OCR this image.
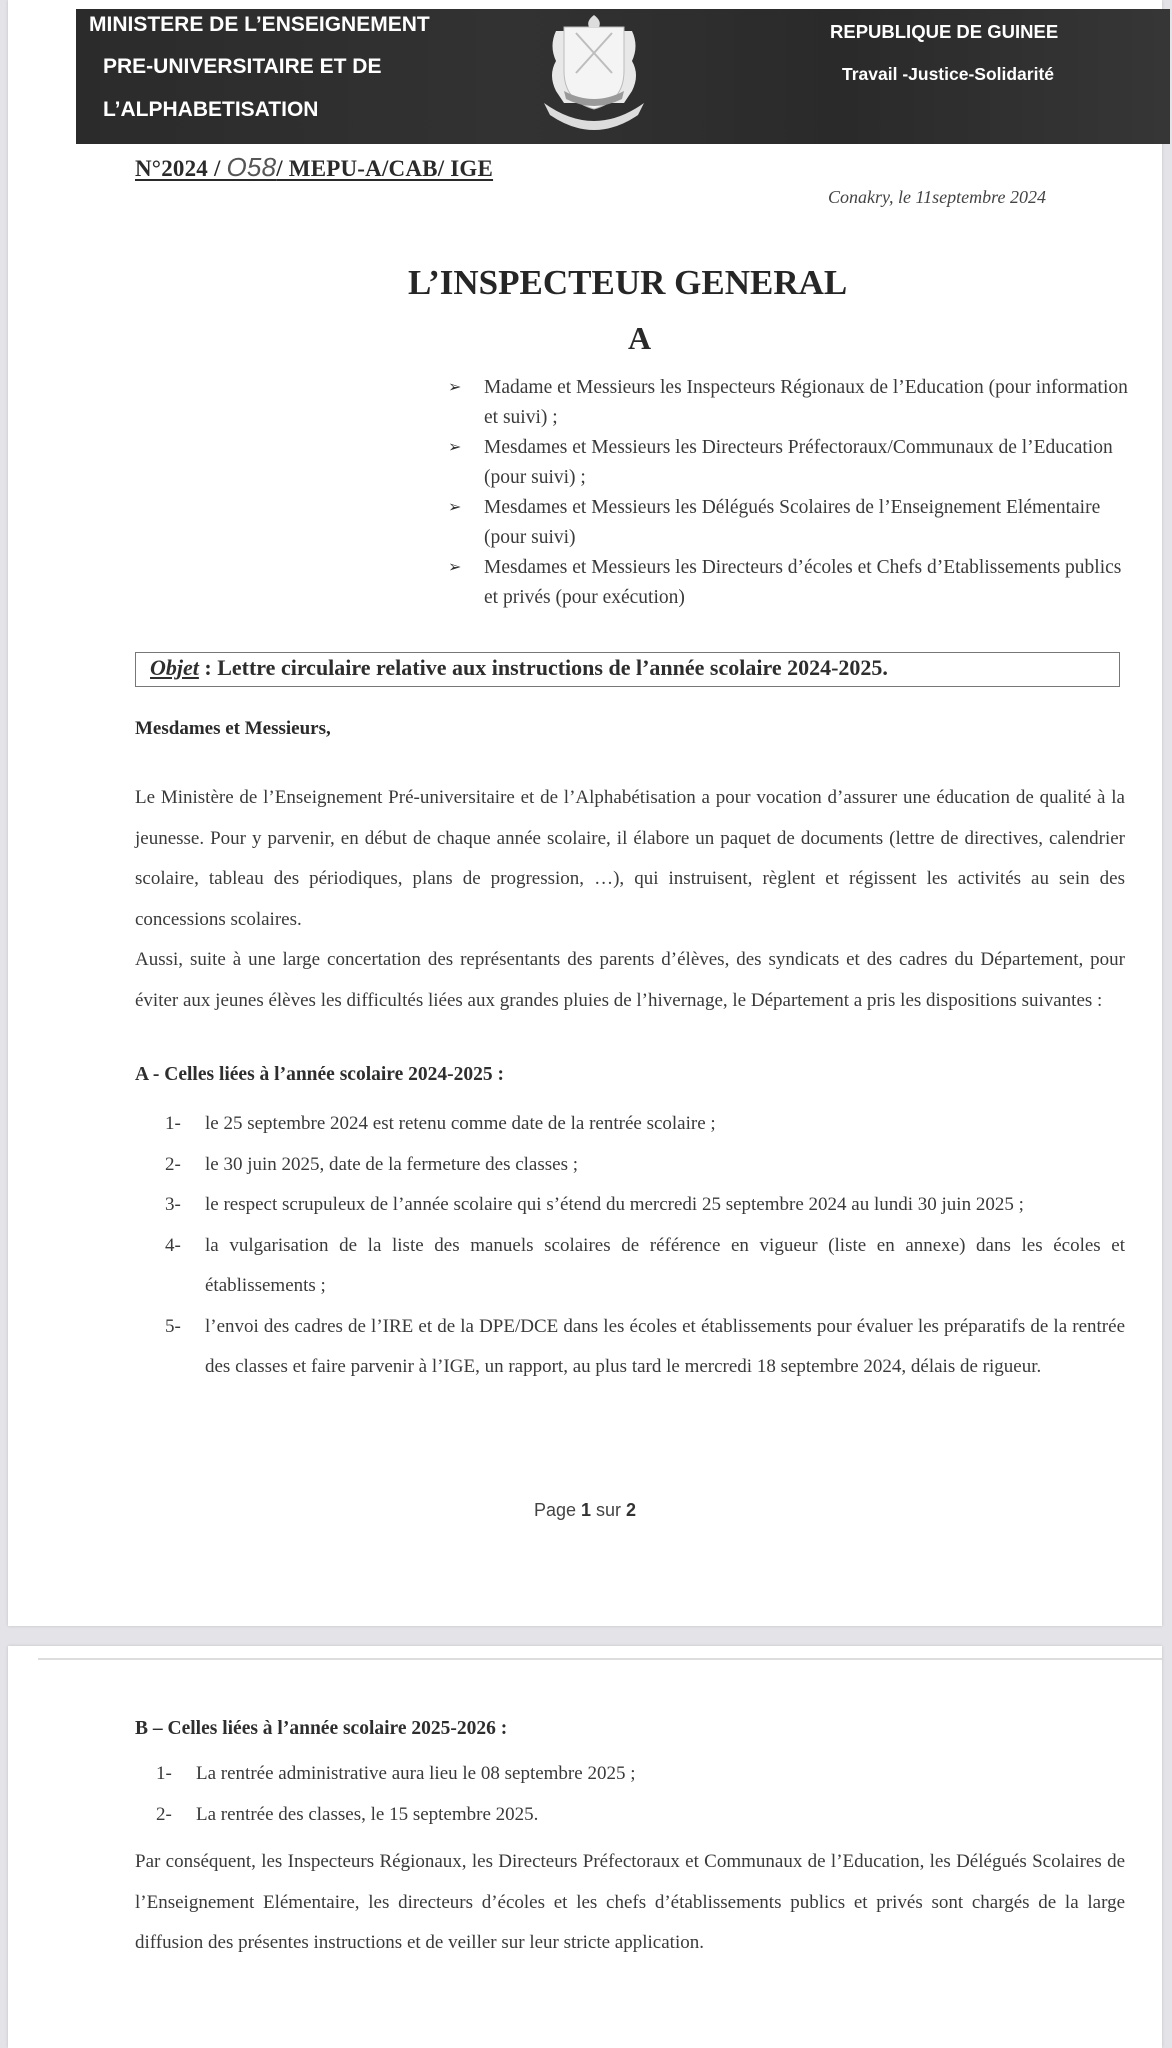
MINISTERE DE L’ENSEIGNEMENT
PRE-UNIVERSITAIRE ET DE
L’ALPHABETISATION
REPUBLIQUE DE GUINEE
Travail -Justice-Solidarité
N°2024 / O58/ MEPU-A/CAB/ IGE
Conakry, le 11septembre 2024
L’INSPECTEUR GENERAL
A
➢ Madame et Messieurs les Inspecteurs Régionaux de l’Education (pour information et suivi) ;
➢ Mesdames et Messieurs les Directeurs Préfectoraux/Communaux de l’Education (pour suivi) ;
➢ Mesdames et Messieurs les Délégués Scolaires de l’Enseignement Elémentaire (pour suivi)
➢ Mesdames et Messieurs les Directeurs d’écoles et Chefs d’Etablissements publics et privés (pour exécution)
Objet : Lettre circulaire relative aux instructions de l’année scolaire 2024-2025.
Mesdames et Messieurs,
Le Ministère de l’Enseignement Pré-universitaire et de l’Alphabétisation a pour vocation d’assurer une éducation de qualité à la jeunesse. Pour y parvenir, en début de chaque année scolaire, il élabore un paquet de documents (lettre de directives, calendrier scolaire, tableau des périodiques, plans de progression, …), qui instruisent, règlent et régissent les activités au sein des concessions scolaires.
Aussi, suite à une large concertation des représentants des parents d’élèves, des syndicats et des cadres du Département, pour éviter aux jeunes élèves les difficultés liées aux grandes pluies de l’hivernage, le Département a pris les dispositions suivantes :
A - Celles liées à l’année scolaire 2024-2025 :
1- le 25 septembre 2024 est retenu comme date de la rentrée scolaire ;
2- le 30 juin 2025, date de la fermeture des classes ;
3- le respect scrupuleux de l’année scolaire qui s’étend du mercredi 25 septembre 2024 au lundi 30 juin 2025 ;
4- la vulgarisation de la liste des manuels scolaires de référence en vigueur (liste en annexe) dans les écoles et établissements ;
5- l’envoi des cadres de l’IRE et de la DPE/DCE dans les écoles et établissements pour évaluer les préparatifs de la rentrée des classes et faire parvenir à l’IGE, un rapport, au plus tard le mercredi 18 septembre 2024, délais de rigueur.
Page 1 sur 2
B – Celles liées à l’année scolaire 2025-2026 :
1- La rentrée administrative aura lieu le 08 septembre 2025 ;
2- La rentrée des classes, le 15 septembre 2025.
Par conséquent, les Inspecteurs Régionaux, les Directeurs Préfectoraux et Communaux de l’Education, les Délégués Scolaires de l’Enseignement Elémentaire, les directeurs d’écoles et les chefs d’établissements publics et privés sont chargés de la large diffusion des présentes instructions et de veiller sur leur stricte application.
